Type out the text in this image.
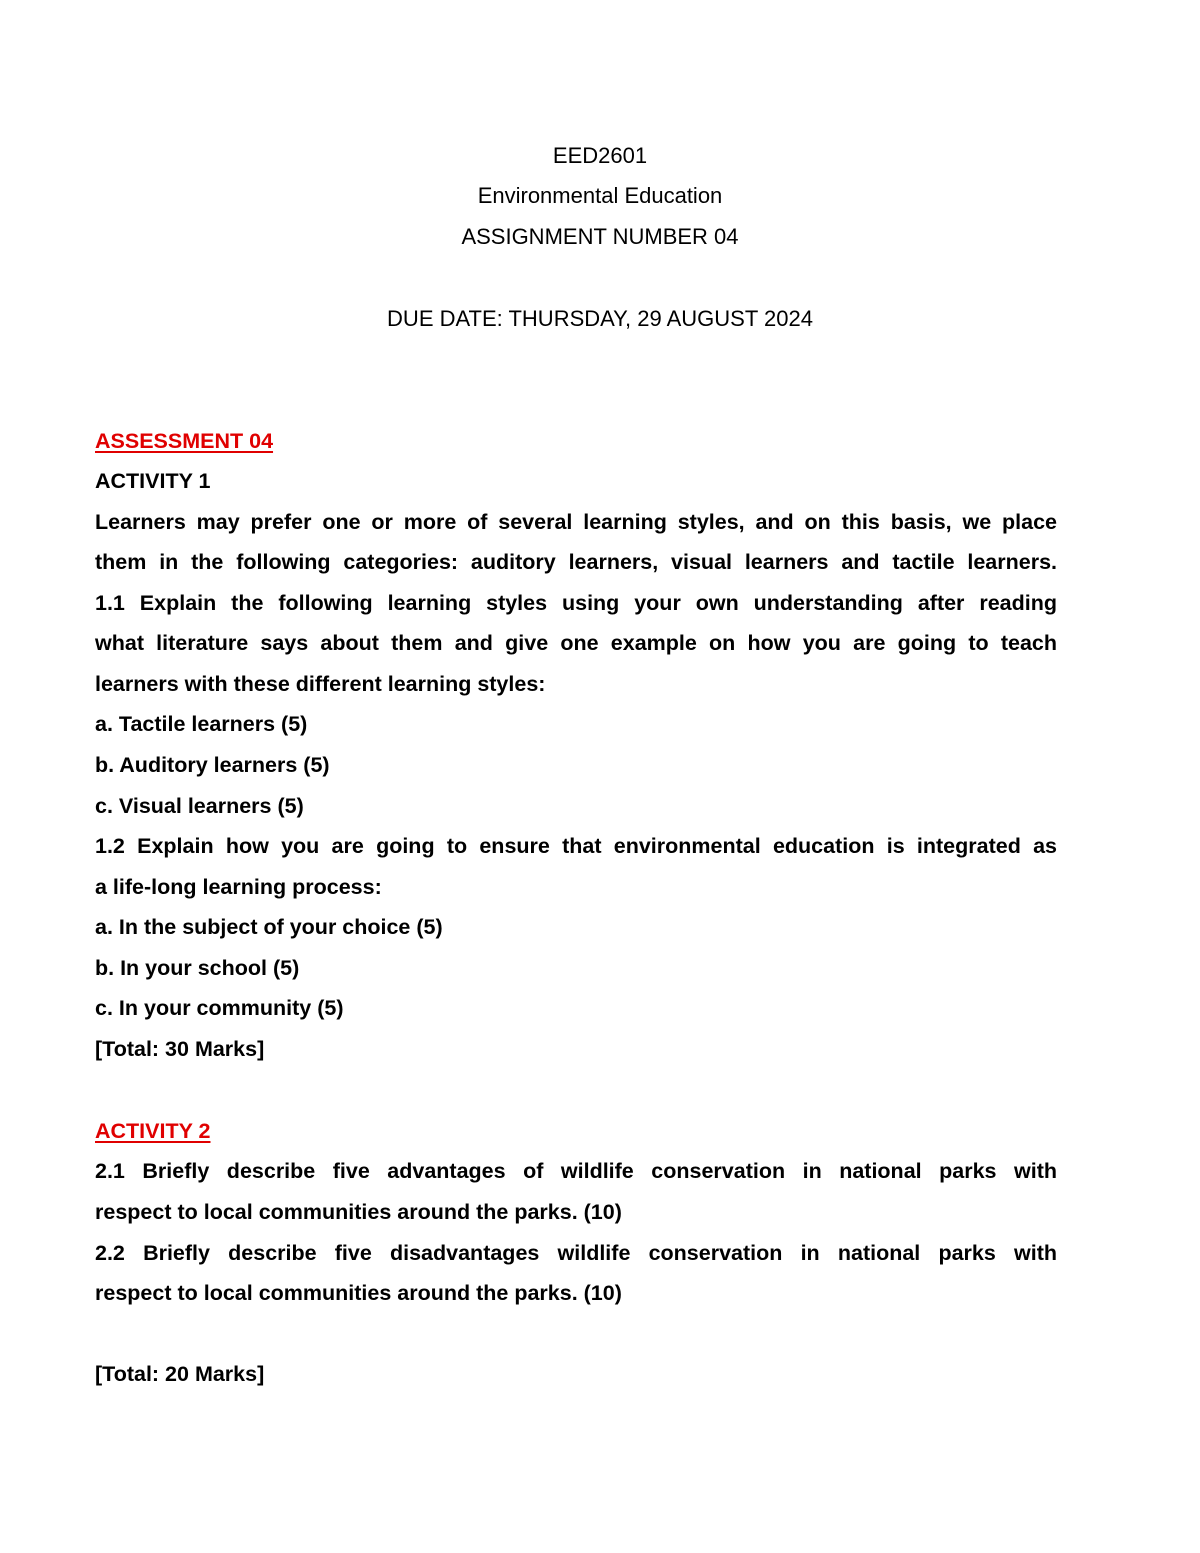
EED2601
Environmental Education
ASSIGNMENT NUMBER 04
DUE DATE: THURSDAY, 29 AUGUST 2024
ASSESSMENT 04
ACTIVITY 1
Learners may prefer one or more of several learning styles, and on this basis, we place
them in the following categories: auditory learners, visual learners and tactile learners.
1.1 Explain the following learning styles using your own understanding after reading
what literature says about them and give one example on how you are going to teach
learners with these different learning styles:
a. Tactile learners (5)
b. Auditory learners (5)
c. Visual learners (5)
1.2 Explain how you are going to ensure that environmental education is integrated as
a life-long learning process:
a. In the subject of your choice (5)
b. In your school (5)
c. In your community (5)
[Total: 30 Marks]
ACTIVITY 2
2.1 Briefly describe five advantages of wildlife conservation in national parks with
respect to local communities around the parks. (10)
2.2 Briefly describe five disadvantages wildlife conservation in national parks with
respect to local communities around the parks. (10)
[Total: 20 Marks]
